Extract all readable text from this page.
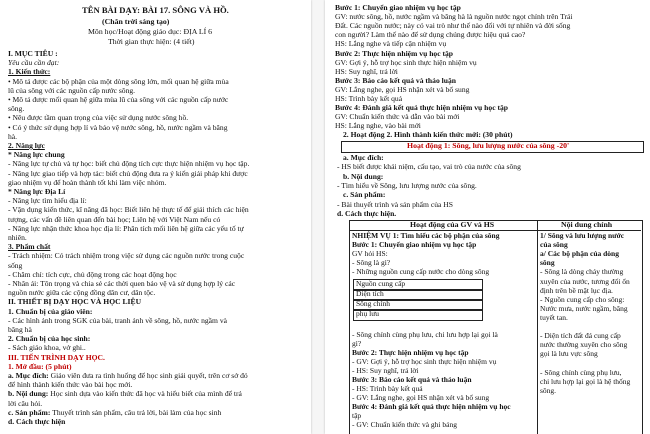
TÊN BÀI DẠY: BÀI 17. SÔNG VÀ HỒ.
(Chân trời sáng tạo)
Môn học/Hoạt động giáo dục: ĐỊA LÍ 6
Thời gian thực hiện: (4 tiết)
I. MỤC TIÊU :
Yêu cầu cần đạt:
1. Kiến thức:
• Mô tả được các bộ phận của một dòng sông lớn, mối quan hệ giữa mùa
lũ của sông với các nguồn cấp nước sông.
• Mô tả được mối quan hệ giữa mùa lũ của sông với các nguồn cấp nước
sông.
• Nêu được tầm quan trọng của việc sử dụng nước sông hồ.
• Có ý thức sử dụng hợp lí và bảo vệ nước sông, hồ, nước ngầm và băng
hà.
2. Năng lực
* Năng lực chung
- Năng lực tự chủ và tự học: biết chủ động tích cực thực hiện nhiệm vụ học tập.
- Năng lực giao tiếp và hợp tác: biết chủ động đưa ra ý kiến giải pháp khi được
giao nhiệm vụ để hoàn thành tốt khi làm việc nhóm.
* Năng lực Địa Lí
- Năng lực tìm hiểu địa lí:
- Vận dụng kiến thức, kĩ năng đã học: Biết liên hệ thực tế để giải thích các hiện
tượng, các vấn đề liên quan đến bài học; Liên hệ với Việt Nam nếu có
- Năng lực nhận thức khoa học địa lí: Phân tích mối liên hệ giữa các yếu tố tự
nhiên.
3. Phẩm chất
- Trách nhiệm: Có trách nhiệm trong việc sử dụng các nguồn nước trong cuộc
sống
- Chăm chỉ: tích cực, chủ động trong các hoạt động học
- Nhân ái: Tôn trọng và chia sẻ các thời quen bảo vệ và sử dụng hợp lý các
nguồn nước giữa các cộng đồng dân cư, dân tộc.
II. THIẾT BỊ DẠY HỌC VÀ HỌC LIỆU
1. Chuẩn bị của giáo viên:
- Các hình ảnh trong SGK của bài, tranh ảnh về sông, hồ, nước ngầm và
băng hà
2. Chuẩn bị của học sinh:
- Sách giáo khoa, vở ghi..
III. TIẾN TRÌNH DẠY HỌC.
1. Mở đầu: (5 phút)
a. Mục đích: Giáo viên đưa ra tình huống để học sinh giải quyết, trên cơ sở đó
để hình thành kiến thức vào bài học mới.
b. Nội dung: Học sinh dựa vào kiến thức đã học và hiểu biết của mình để trả
lời câu hỏi.
c. Sản phẩm: Thuyết trình sản phẩm, câu trả lời, bài làm của học sinh
d. Cách thực hiện
Bước 1: Chuyển giao nhiệm vụ học tập
GV: nước sông, hồ, nước ngầm và băng hà là nguồn nước ngọt chính trên Trái
Đất. Các nguồn nước; này có vai trò như thế nào đối với tự nhiên và đời sống
con người? Làm thế nào để sử dụng chúng được hiệu quả cao?
HS: Lắng nghe và tiếp cận nhiệm vụ
Bước 2: Thực hiện nhiệm vụ học tập
GV: Gợi ý, hỗ trợ học sinh thực hiện nhiệm vụ
HS: Suy nghĩ, trả lời
Bước 3: Báo cáo kết quả và thảo luận
GV: Lắng nghe, gọi HS nhận xét và bổ sung
HS: Trình bày kết quả
Bước 4: Đánh giá kết quả thực hiện nhiệm vụ học tập
GV: Chuẩn kiến thức và dẫn vào bài mới
HS: Lắng nghe, vào bài mới
2. Hoạt động 2. Hình thành kiến thức mới: (30 phút)
Hoạt động 1: Sông, lưu lượng nước của sông -20'
a. Mục đích:
- HS biết được khái niệm, cấu tạo, vai trò của nước của sông
b. Nội dung:
- Tìm hiểu về Sông, lưu lượng nước của sông.
c. Sản phẩm:
- Bài thuyết trình và sản phẩm của HS
d. Cách thực hiện.
Hoạt động của GV và HS	Nội dung chính
NHIỆM VỤ 1: Tìm hiểu các bộ phận của sông
Bước 1: Chuyển giao nhiệm vụ học tập
GV hỏi HS:
- Sông là gì?
- Những nguồn cung cấp nước cho dòng sông
Nguồn cung cấp
Diện tích
Sông chính
phụ lưu
- Sông chính cùng phụ lưu, chi lưu hợp lại gọi là
gì?
Bước 2: Thực hiện nhiệm vụ học tập
- GV: Gợi ý, hỗ trợ học sinh thực hiện nhiệm vụ
- HS: Suy nghĩ, trả lời
Bước 3: Báo cáo kết quả và thảo luận
- HS: Trình bày kết quả
- GV: Lắng nghe, gọi HS nhận xét và bổ sung
Bước 4: Đánh giá kết quả thực hiện nhiệm vụ học
tập
- GV: Chuẩn kiến thức và ghi bảng
1/ Sông và lưu lượng nước
của sông
a/ Các bộ phận của dòng
sông
- Sông là dòng chảy thường
xuyên của nước, tương đối ổn
định trên bề mặt lục địa.
- Nguồn cung cấp cho sông:
Nước mưa, nước ngầm, băng
tuyết tan.
- Diện tích đất đá cung cấp
nước thường xuyên cho sông
gọi là lưu vực sông
- Sông chính cùng phụ lưu,
chi lưu hợp lại gọi là hệ thống
sông.
